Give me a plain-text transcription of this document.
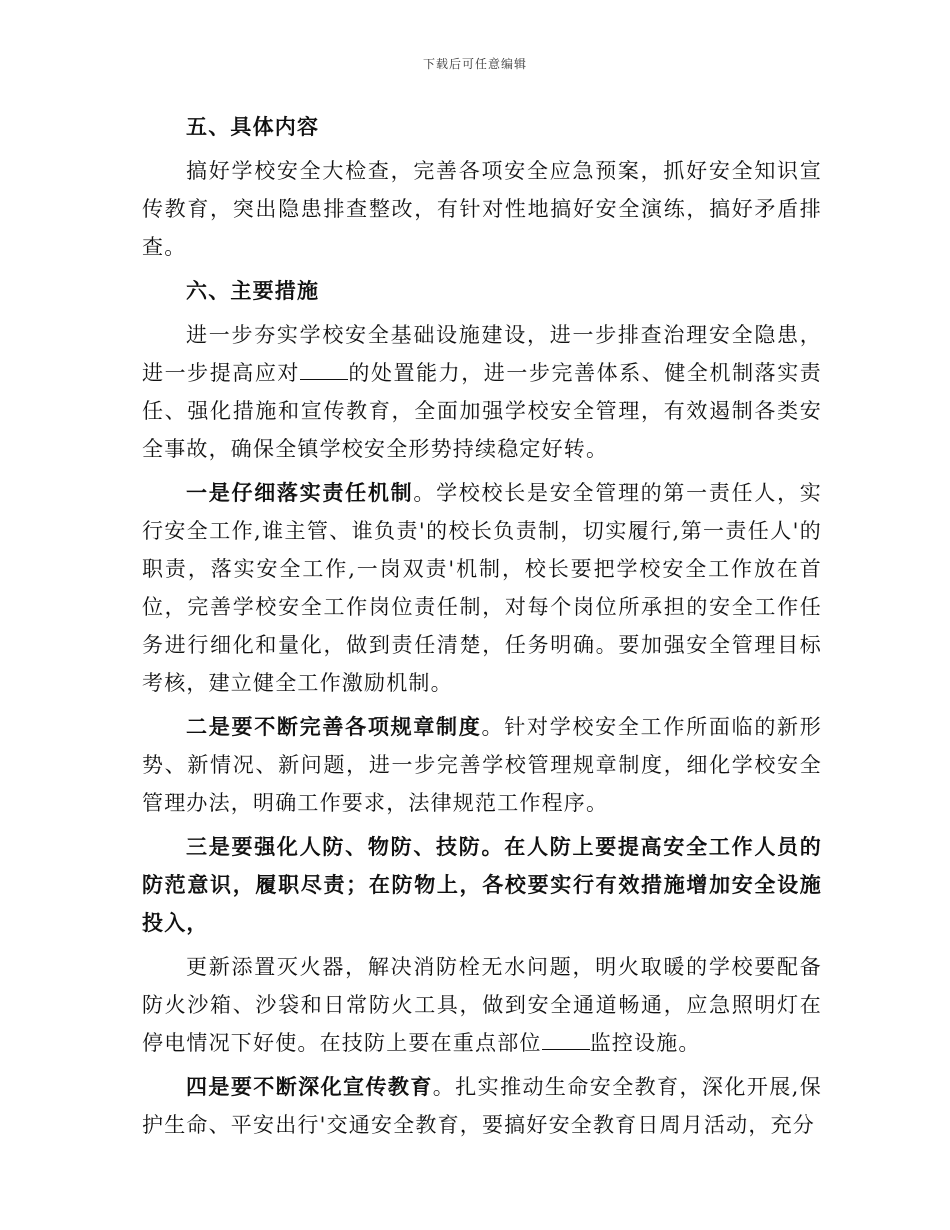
下载后可任意编辑

五、具体内容

搞好学校安全大检查，完善各项安全应急预案，抓好安全知识宣传教育，突出隐患排查整改，有针对性地搞好安全演练，搞好矛盾排查。

六、主要措施

进一步夯实学校安全基础设施建设，进一步排查治理安全隐患，进一步提高应对 的处置能力，进一步完善体系、健全机制落实责任、强化措施和宣传教育，全面加强学校安全管理，有效遏制各类安全事故，确保全镇学校安全形势持续稳定好转。

一是仔细落实责任机制。学校校长是安全管理的第一责任人，实行安全工作,谁主管、谁负责'的校长负责制，切实履行,第一责任人'的职责，落实安全工作,一岗双责'机制，校长要把学校安全工作放在首位，完善学校安全工作岗位责任制，对每个岗位所承担的安全工作任务进行细化和量化，做到责任清楚，任务明确。要加强安全管理目标考核，建立健全工作激励机制。

二是要不断完善各项规章制度。针对学校安全工作所面临的新形势、新情况、新问题，进一步完善学校管理规章制度，细化学校安全管理办法，明确工作要求，法律规范工作程序。

三是要强化人防、物防、技防。在人防上要提高安全工作人员的防范意识，履职尽责；在防物上，各校要实行有效措施增加安全设施投入，

更新添置灭火器，解决消防栓无水问题，明火取暖的学校要配备防火沙箱、沙袋和日常防火工具，做到安全通道畅通，应急照明灯在停电情况下好使。在技防上要在重点部位 监控设施。

四是要不断深化宣传教育。扎实推动生命安全教育，深化开展,保护生命、平安出行'交通安全教育，要搞好安全教育日周月活动，充分
